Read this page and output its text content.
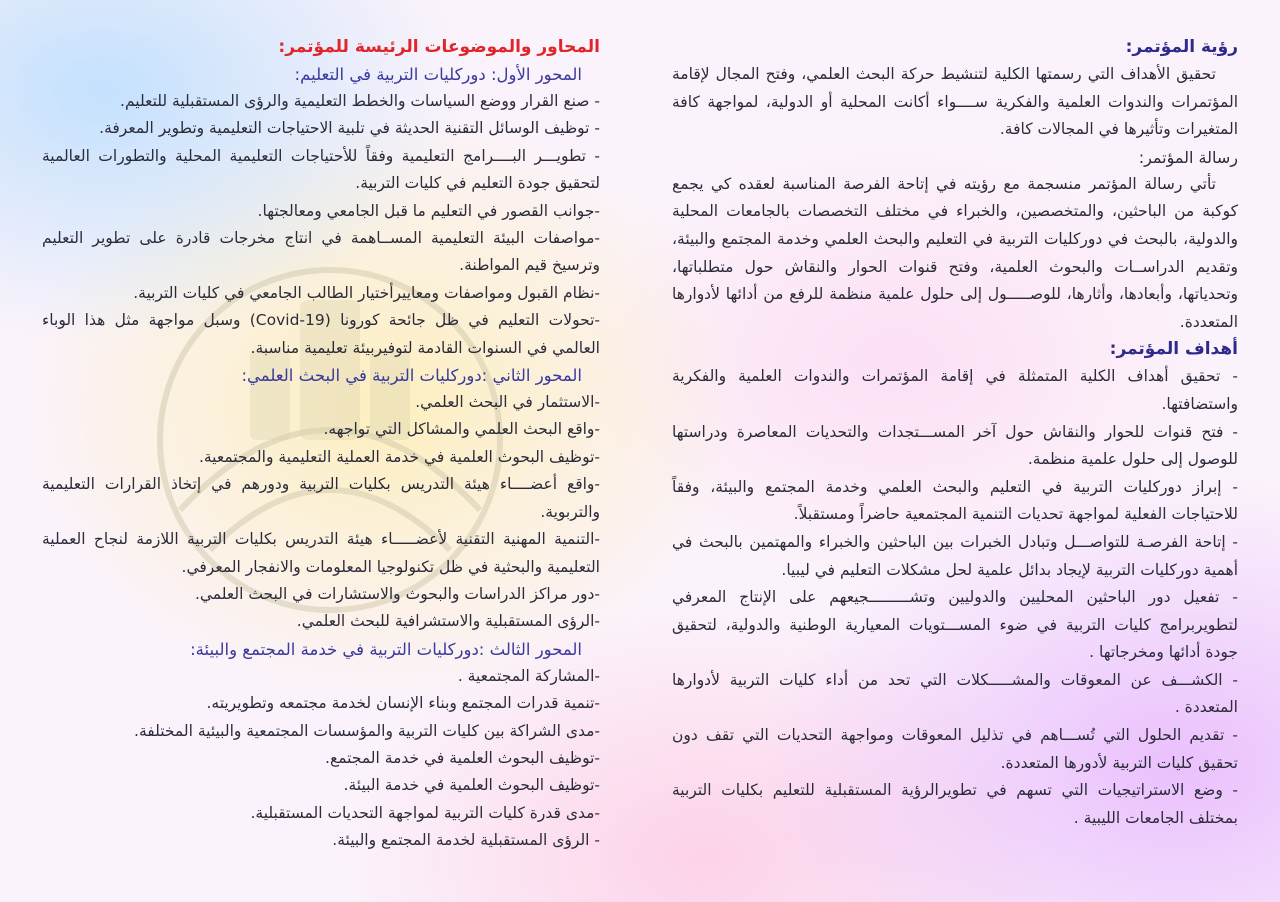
رؤية المؤتمر:

تحقيق الأهداف التي رسمتها الكلية لتنشيط حركة البحث العلمي، وفتح المجال لإقامة المؤتمرات والندوات العلمية والفكرية ســــواء أكانت المحلية أو الدولية، لمواجهة كافة المتغيرات وتأثيرها في المجالات كافة.

رسالة المؤتمر:

تأتي رسالة المؤتمر منسجمة مع رؤيته في إتاحة الفرصة المناسبة لعقده كي يجمع كوكبة من الباحثين، والمتخصصين، والخبراء في مختلف التخصصات بالجامعات المحلية والدولية، بالبحث في دوركليات التربية في التعليم والبحث العلمي وخدمة المجتمع والبيئة، وتقديم الدراســات والبحوث العلمية، وفتح قنوات الحوار والنقاش حول متطلباتها، وتحدياتها، وأبعادها، وأثارها، للوصـــــول إلى حلول علمية منظمة للرفع من أدائها لأدوارها المتعددة.

أهداف المؤتمر:

- تحقيق أهداف الكلية المتمثلة في إقامة المؤتمرات والندوات العلمية والفكرية واستضافتها.

- فتح قنوات للحوار والنقاش حول آخر المســـتجدات والتحديات المعاصرة ودراستها للوصول إلى حلول علمية منظمة.

- إبراز دوركليات التربية في التعليم والبحث العلمي وخدمة المجتمع والبيئة، وفقاً للاحتياجات الفعلية لمواجهة تحديات التنمية المجتمعية حاضراً ومستقبلاً.

- إتاحة الفرصـة للتواصـــل وتبادل الخبرات بين الباحثين والخبراء والمهتمين بالبحث في أهمية دوركليات التربية لإيجاد بدائل علمية لحل مشكلات التعليم في ليبيا.

- تفعيل دور الباحثين المحليين والدوليين وتشـــــــــجيعهم على الإنتاج المعرفي لتطويربرامج كليات التربية في ضوء المســـتويات المعيارية الوطنية والدولية، لتحقيق جودة أدائها ومخرجاتها .

- الكشـــف عن المعوقات والمشـــــكلات التي تحد من أداء كليات التربية لأدوارها المتعددة .

- تقديم الحلول التي تُســـاهم في تذليل المعوقات ومواجهة التحديات التي تقف دون تحقيق كليات التربية لأدورها المتعددة.

- وضع الاستراتيجيات التي تسهم في تطويرالرؤية المستقبلية للتعليم بكليات التربية بمختلف الجامعات الليبية .

المحاور والموضوعات الرئيسة للمؤتمر:
المحور الأول: دوركليات التربية في التعليم:

- صنع القرار ووضع السياسات والخطط التعليمية والرؤى المستقبلية للتعليم.

- توظيف الوسائل التقنية الحديثة في تلبية الاحتياجات التعليمية وتطوير المعرفة.

- تطويـــر البــــرامج التعليمية وفقاً للأحتياجات التعليمية المحلية والتطورات العالمية لتحقيق جودة التعليم في كليات التربية.

-جوانب القصور في التعليم ما قبل الجامعي ومعالجتها.

-مواصفات البيئة التعليمية المســاهمة في انتاج مخرجات قادرة على تطوير التعليم وترسيخ قيم المواطنة.

-نظام القبول ومواصفات ومعاييرأختيار الطالب الجامعي في كليات التربية.

-تحولات التعليم في ظل جائحة كورونا (Covid-19) وسبل مواجهة مثل هذا الوباء العالمي في السنوات القادمة لتوفيربيئة تعليمية مناسبة.

المحور الثاني :دوركليات التربية في البحث العلمي:

-الاستثمار في البحث العلمي.

-واقع البحث العلمي والمشاكل التي تواجهه.

-توظيف البحوث العلمية في خدمة العملية التعليمية والمجتمعية.

-واقع أعضــــاء هيئة التدريس بكليات التربية ودورهم في إتخاذ القرارات التعليمية والتربوية.

-التنمية المهنية التقنية لأعضـــــاء هيئة التدريس بكليات التربية اللازمة لنجاح العملية التعليمية والبحثية في ظل تكنولوجيا المعلومات والانفجار المعرفي.

-دور مراكز الدراسات والبحوث والاستشارات في البحث العلمي.

-الرؤى المستقبلية والاستشرافية للبحث العلمي.

المحور الثالث :دوركليات التربية في خدمة المجتمع والبيئة:

-المشاركة المجتمعية .

-تنمية قدرات المجتمع وبناء الإنسان لخدمة مجتمعه وتطويريته.

-مدى الشراكة بين كليات التربية والمؤسسات المجتمعية والبيئية المختلفة.

-توظيف البحوث العلمية في خدمة المجتمع.

-توظيف البحوث العلمية في خدمة البيئة.

-مدى قدرة كليات التربية لمواجهة التحديات المستقبلية.

- الرؤى المستقبلية لخدمة المجتمع والبيئة.
